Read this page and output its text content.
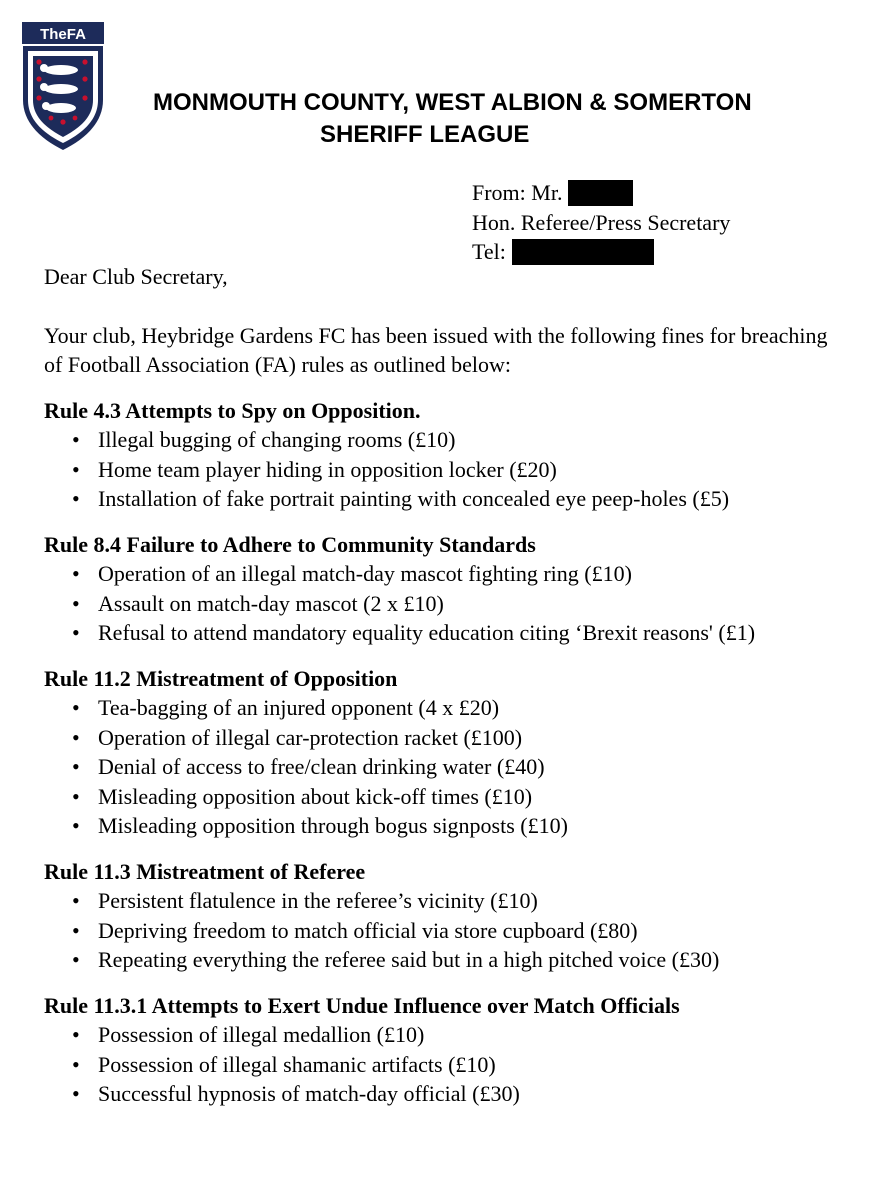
TheFA
MONMOUTH COUNTY, WEST ALBION & SOMERTON
SHERIFF LEAGUE
From: Mr.
Hon. Referee/Press Secretary
Tel:

Dear Club Secretary,

Your club, Heybridge Gardens FC has been issued with the following fines for breaching of Football Association (FA) rules as outlined below:

Rule 4.3 Attempts to Spy on Opposition.

• Illegal bugging of changing rooms (£10)
• Home team player hiding in opposition locker (£20)
• Installation of fake portrait painting with concealed eye peep-holes (£5)

Rule 8.4 Failure to Adhere to Community Standards

• Operation of an illegal match-day mascot fighting ring (£10)
• Assault on match-day mascot (2 x £10)
• Refusal to attend mandatory equality education citing ‘Brexit reasons' (£1)

Rule 11.2 Mistreatment of Opposition

• Tea-bagging of an injured opponent (4 x £20)
• Operation of illegal car-protection racket (£100)
• Denial of access to free/clean drinking water (£40)
• Misleading opposition about kick-off times (£10)
• Misleading opposition through bogus signposts (£10)

Rule 11.3 Mistreatment of Referee

• Persistent flatulence in the referee’s vicinity (£10)
• Depriving freedom to match official via store cupboard (£80)
• Repeating everything the referee said but in a high pitched voice (£30)

Rule 11.3.1 Attempts to Exert Undue Influence over Match Officials

• Possession of illegal medallion (£10)
• Possession of illegal shamanic artifacts (£10)
• Successful hypnosis of match-day official (£30)
